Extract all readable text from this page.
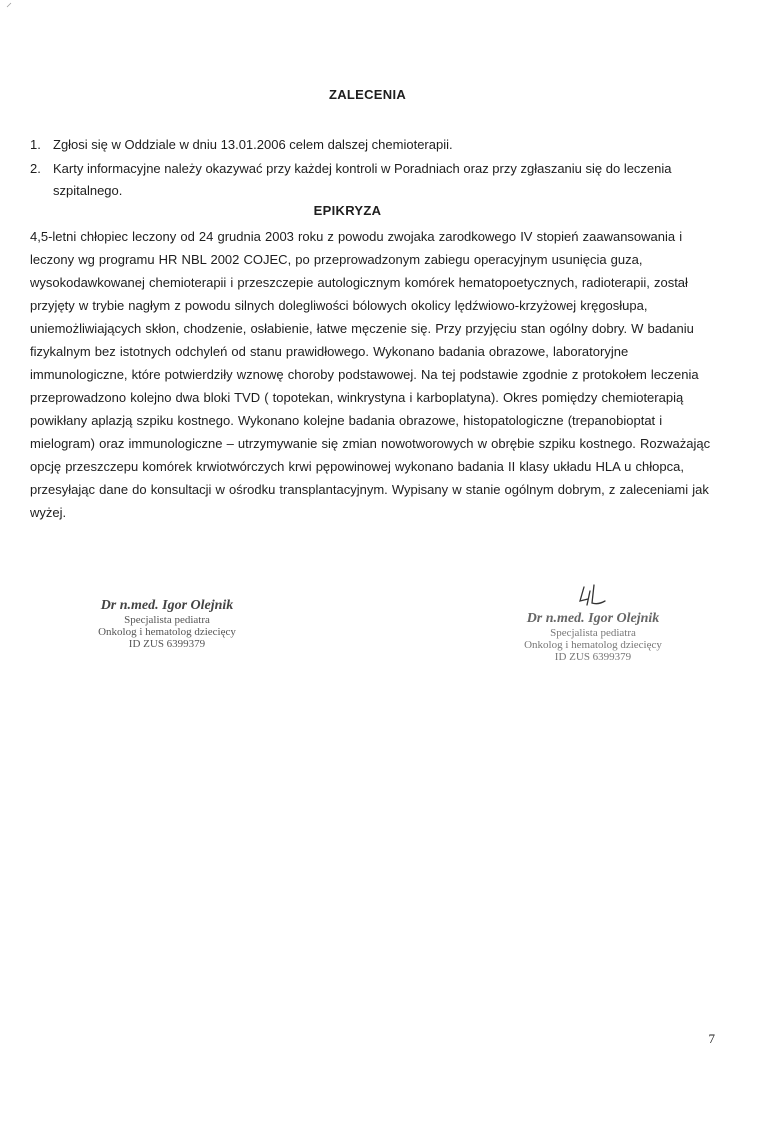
ZALECENIA
1. Zgłosi się w Oddziale w dniu 13.01.2006 celem dalszej chemioterapii.
2. Karty informacyjne należy okazywać przy każdej kontroli w Poradniach oraz przy zgłaszaniu się do leczenia szpitalnego.
EPIKRYZA
4,5-letni chłopiec leczony od 24 grudnia 2003 roku z powodu zwojaka zarodkowego IV stopień zaawansowania i leczony wg programu HR NBL 2002 COJEC, po przeprowadzonym zabiegu operacyjnym usunięcia guza, wysokodawkowanej chemioterapii i przeszczepie autologicznym komórek hematopoetycznych, radioterapii, został przyjęty w trybie nagłym z powodu silnych dolegliwości bólowych okolicy lędźwiowo-krzyżowej kręgosłupa, uniemożliwiających skłon, chodzenie, osłabienie, łatwe męczenie się. Przy przyjęciu stan ogólny dobry. W badaniu fizykalnym bez istotnych odchyleń od stanu prawidłowego. Wykonano badania obrazowe, laboratoryjne immunologiczne, które potwierdziły wznowę choroby podstawowej. Na tej podstawie zgodnie z protokołem leczenia przeprowadzono kolejno dwa bloki TVD ( topotekan, winkrystyna i karboplatyna). Okres pomiędzy chemioterapią powikłany aplazją szpiku kostnego. Wykonano kolejne badania obrazowe, histopatologiczne (trepanobioptat i mielogram) oraz immunologiczne – utrzymywanie się zmian nowotworowych w obrębie szpiku kostnego. Rozważając opcję przeszczepu komórek krwiotwórczych krwi pępowinowej wykonano badania II klasy układu HLA u chłopca, przesyłając dane do konsultacji w ośrodku transplantacyjnym. Wypisany w stanie ogólnym dobrym, z zaleceniami jak wyżej.
Dr n.med. Igor Olejnik
Specjalista pediatra
Onkolog i hematolog dziecięcy
ID ZUS 6399379
Dr n.med. Igor Olejnik
Specjalista pediatra
Onkolog i hematolog dziecięcy
ID ZUS 6399379
7
